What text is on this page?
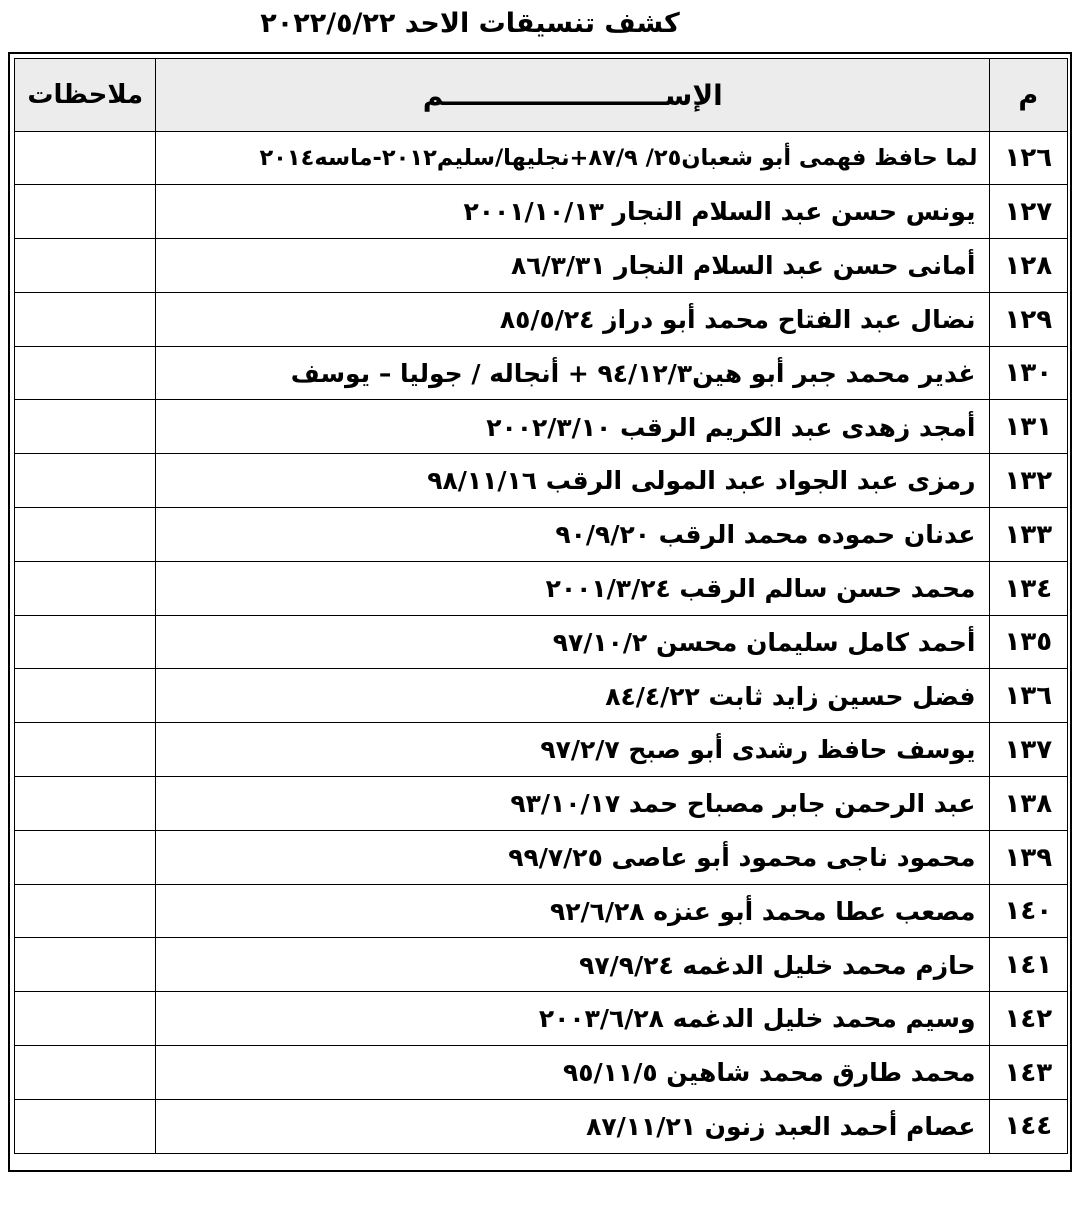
كشف تنسيقات الاحد ٢٠٢٢/٥/٢٢
ملاحظات	الإســـــــــــــــــــــــم	م
لما حافظ فهمى أبو شعبان٢٥/ ٨٧/٩+نجليها/سليم٢٠١٢-ماسه٢٠١٤	١٢٦
يونس حسن عبد السلام النجار ٢٠٠١/١٠/١٣	١٢٧
أمانى حسن عبد السلام النجار ٨٦/٣/٣١	١٢٨
نضال عبد الفتاح محمد أبو دراز ٨٥/٥/٢٤	١٢٩
غدير محمد جبر أبو هين٩٤/١٢/٣ + أنجاله / جوليا – يوسف	١٣٠
أمجد زهدى عبد الكريم الرقب ٢٠٠٢/٣/١٠	١٣١
رمزى عبد الجواد عبد المولى الرقب ٩٨/١١/١٦	١٣٢
عدنان حموده محمد الرقب ٩٠/٩/٢٠	١٣٣
محمد حسن سالم الرقب ٢٠٠١/٣/٢٤	١٣٤
أحمد كامل سليمان محسن ٩٧/١٠/٢	١٣٥
فضل حسين زايد ثابت ٨٤/٤/٢٢	١٣٦
يوسف حافظ رشدى أبو صبح ٩٧/٢/٧	١٣٧
عبد الرحمن جابر مصباح حمد ٩٣/١٠/١٧	١٣٨
محمود ناجى محمود أبو عاصى ٩٩/٧/٢٥	١٣٩
مصعب عطا محمد أبو عنزه ٩٢/٦/٢٨	١٤٠
حازم محمد خليل الدغمه ٩٧/٩/٢٤	١٤١
وسيم محمد خليل الدغمه ٢٠٠٣/٦/٢٨	١٤٢
محمد طارق محمد شاهين ٩٥/١١/٥	١٤٣
عصام أحمد العبد زنون ٨٧/١١/٢١	١٤٤
